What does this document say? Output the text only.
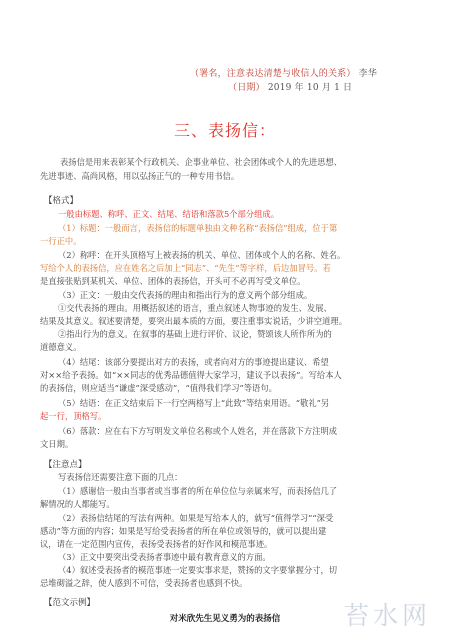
（署名，注意表达清楚与收信人的关系） 李华
（日期） 2019 年 10 月 1 日
三、表扬信：
表扬信是用来表彰某个行政机关、企事业单位、社会团体或个人的先进思想、
先进事迹、高尚风格，用以弘扬正气的一种专用书信。
【格式】
一般由标题、称呼、正文、结尾、结语和落款5个部分组成。
（1）标题：一般而言，表扬信的标题单独由文种名称“表扬信”组成，位于第
一行正中。
（2）称呼：在开头顶格写上被表扬的机关、单位、团体或个人的名称、姓名。
写给个人的表扬信，应在姓名之后加上“同志”、“先生”等字样，后边加冒号。若
是直接张贴到某机关、单位、团体的表扬信，开头可不必再写受文单位。
（3）正文：一般由交代表扬的理由和指出行为的意义两个部分组成。
①交代表扬的理由。用概括叙述的语言，重点叙述人物事迹的发生、发展、
结果及其意义。叙述要清楚，要突出最本质的方面，要注重事实说话，少讲空道理。
②指出行为的意义。在叙事的基础上进行评价、议论，赞颂该人所作所为的
道德意义。
（4）结尾：该部分要提出对方的表扬，或者向对方的事迹提出建议、希望
对××给予表扬。如“××同志的优秀品德值得大家学习，建议予以表扬”。写给本人
的表扬信，则应适当“谦虚”深受感动”，“值得我们学习”等语句。
（5）结语：在正文结束后下一行空两格写上“此致”等结束用语。“敬礼”另
起一行，顶格写。
（6）落款：应在右下方写明发文单位名称或个人姓名，并在落款下方注明成
文日期。
【注意点】
写表扬信还需要注意下面的几点：
（1）感谢信一般由当事者或当事者的所在单位位与亲属来写，而表扬信几了
解情况的人都能写。
（2）表扬信结尾的写法有两种。如果是写给本人的，就写“值得学习”“深受
感动”等方面的内容；如果是写给受表扬者的所在单位或领导的，就可以提出建
议，请在一定范围内宣传，表扬受表扬者的好作风和模范事迹。
（3）正文中要突出受表扬者事迹中最有教育意义的方面。
（4）叙述受表扬者的模范事迹一定要实事求是，赞扬的文字要掌握分寸，切
忌堆砌溢之辞，使人感到不可信，受表扬者也感到不快。
【范文示例】
对米欣先生见义勇为的表扬信	苔水网
